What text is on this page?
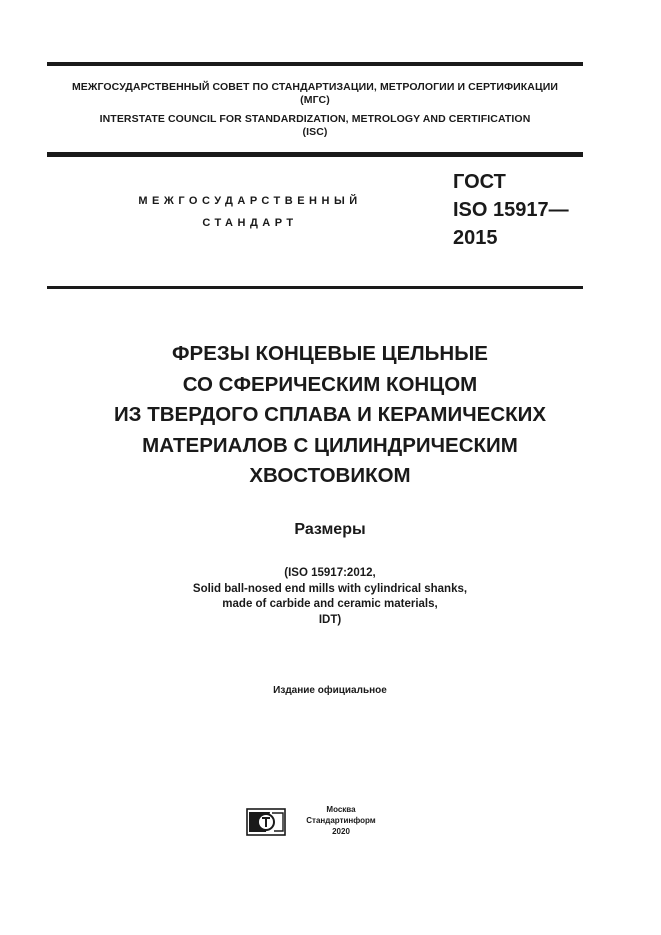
МЕЖГОСУДАРСТВЕННЫЙ СОВЕТ ПО СТАНДАРТИЗАЦИИ, МЕТРОЛОГИИ И СЕРТИФИКАЦИИ
(МГС)
INTERSTATE COUNCIL FOR STANDARDIZATION, METROLOGY AND CERTIFICATION
(ISC)
МЕЖГОСУДАРСТВЕННЫЙ
СТАНДАРТ
ГОСТ
ISO 15917—
2015
ФРЕЗЫ КОНЦЕВЫЕ ЦЕЛЬНЫЕ
СО СФЕРИЧЕСКИМ КОНЦОМ
ИЗ ТВЕРДОГО СПЛАВА И КЕРАМИЧЕСКИХ
МАТЕРИАЛОВ С ЦИЛИНДРИЧЕСКИМ
ХВОСТОВИКОМ
Размеры
(ISO 15917:2012,
Solid ball-nosed end mills with cylindrical shanks,
made of carbide and ceramic materials,
IDT)
Издание официальное
Москва
Стандартинформ
2020
